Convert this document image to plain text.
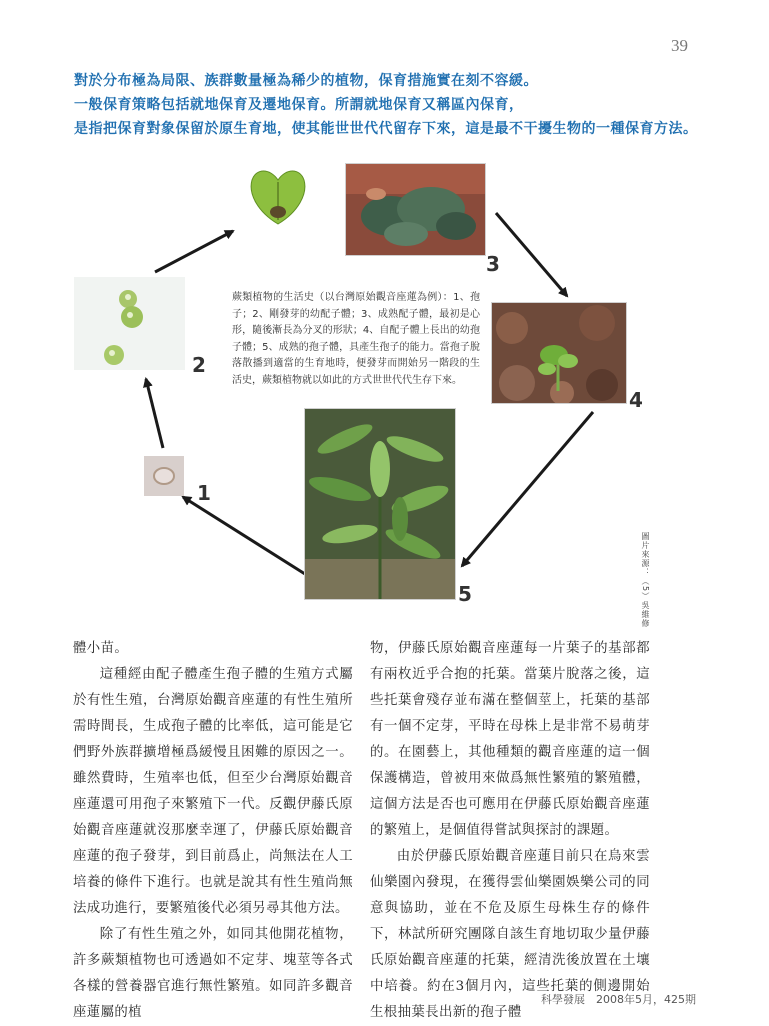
39
對於分布極為局限、族群數量極為稀少的植物，保育措施實在刻不容緩。
一般保育策略包括就地保育及遷地保育。所謂就地保育又稱區內保育，
是指把保育對象保留於原生育地，使其能世世代代留存下來，這是最不干擾生物的一種保育方法。
3
2
蕨類植物的生活史（以台灣原始觀音座蓮為例）：1、孢子；2、剛發芽的幼配子體；3、成熟配子體，最初是心形，隨後漸長為分叉的形狀；4、自配子體上長出的幼孢子體；5、成熟的孢子體，具產生孢子的能力。當孢子脫落散播到適當的生育地時，便發芽而開始另一階段的生活史，蕨類植物就以如此的方式世世代代生存下來。
4
1
5	圖片來源：（5）吳維修

體小苗。

這種經由配子體產生孢子體的生殖方式屬於有性生殖，台灣原始觀音座蓮的有性生殖所需時間長，生成孢子體的比率低，這可能是它們野外族群擴增極爲緩慢且困難的原因之一。雖然費時，生殖率也低，但至少台灣原始觀音座蓮還可用孢子來繁殖下一代。反觀伊藤氏原始觀音座蓮就沒那麼幸運了，伊藤氏原始觀音座蓮的孢子發芽，到目前爲止，尚無法在人工培養的條件下進行。也就是說其有性生殖尚無法成功進行，要繁殖後代必須另尋其他方法。

除了有性生殖之外，如同其他開花植物，許多蕨類植物也可透過如不定芽、塊莖等各式各樣的營養器官進行無性繁殖。如同許多觀音座蓮屬的植

物，伊藤氏原始觀音座蓮每一片葉子的基部都有兩枚近乎合抱的托葉。當葉片脫落之後，這些托葉會殘存並布滿在整個莖上，托葉的基部有一個不定芽，平時在母株上是非常不易萌芽的。在園藝上，其他種類的觀音座蓮的這一個保護構造，曾被用來做爲無性繁殖的繁殖體，這個方法是否也可應用在伊藤氏原始觀音座蓮的繁殖上，是個值得嘗試與探討的課題。

由於伊藤氏原始觀音座蓮目前只在烏來雲仙樂園內發現，在獲得雲仙樂園娛樂公司的同意與協助，並在不危及原生母株生存的條件下，林試所研究團隊自該生育地切取少量伊藤氏原始觀音座蓮的托葉，經清洗後放置在土壤中培養。約在3個月內，這些托葉的側邊開始生根抽葉長出新的孢子體

科學發展　2008年5月，425期
